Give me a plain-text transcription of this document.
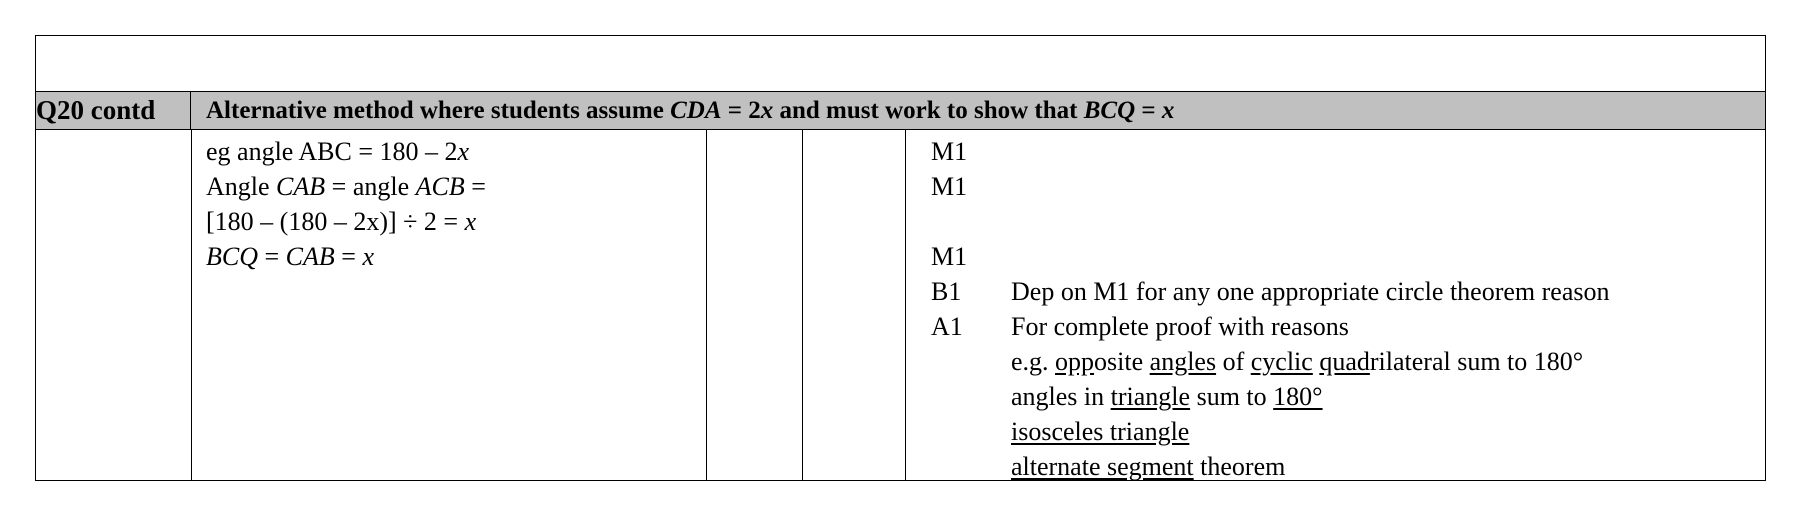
Q20 contd	Alternative method where students assume CDA = 2x and must work to show that BCQ = x
eg angle ABC = 180 – 2x
Angle CAB = angle ACB =
[180 – (180 – 2x)] ÷ 2 = x
BCQ = CAB = x
M1
M1
M1
B1
A1
Dep on M1 for any one appropriate circle theorem reason
For complete proof with reasons
e.g. opposite angles of cyclic quadrilateral sum to 180°
angles in triangle sum to 180°
isosceles triangle
alternate segment theorem
